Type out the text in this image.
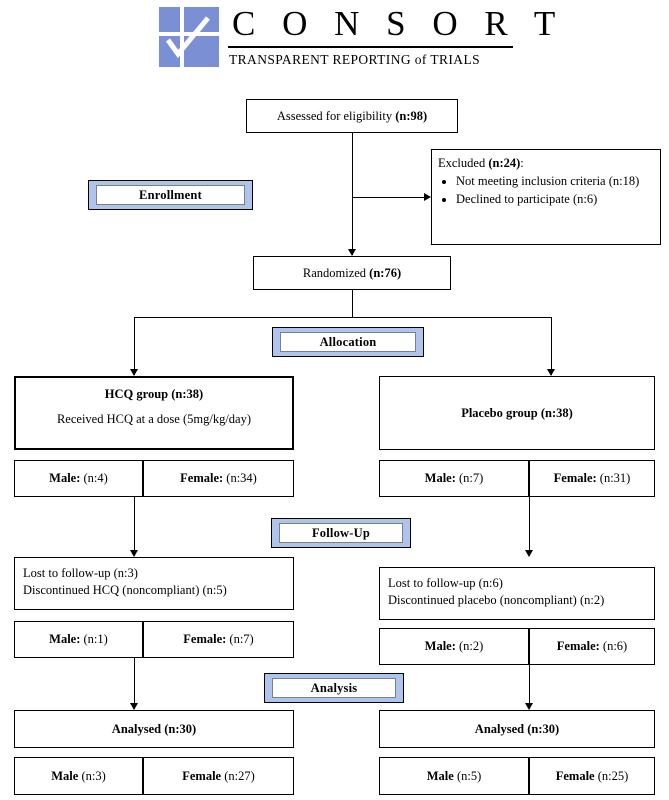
C O N S O R T
TRANSPARENT REPORTING of TRIALS
Assessed for eligibility (n:98)
Excluded (n:24):
• Not meeting inclusion criteria (n:18)
• Declined to participate (n:6)
Enrollment
Randomized (n:76)
Allocation
HCQ group (n:38)
Received HCQ at a dose (5mg/kg/day)	Placebo group (n:38)
Male: (n:4)	Female: (n:34)	Male: (n:7)	Female: (n:31)
Follow-Up
Lost to follow-up (n:3)
Discontinued HCQ (noncompliant) (n:5)	Lost to follow-up (n:6)
Discontinued placebo (noncompliant) (n:2)
Male: (n:1)	Female: (n:7)	Male: (n:2)	Female: (n:6)
Analysis
Analysed (n:30)	Analysed (n:30)
Male (n:3)	Female (n:27)	Male (n:5)	Female (n:25)
